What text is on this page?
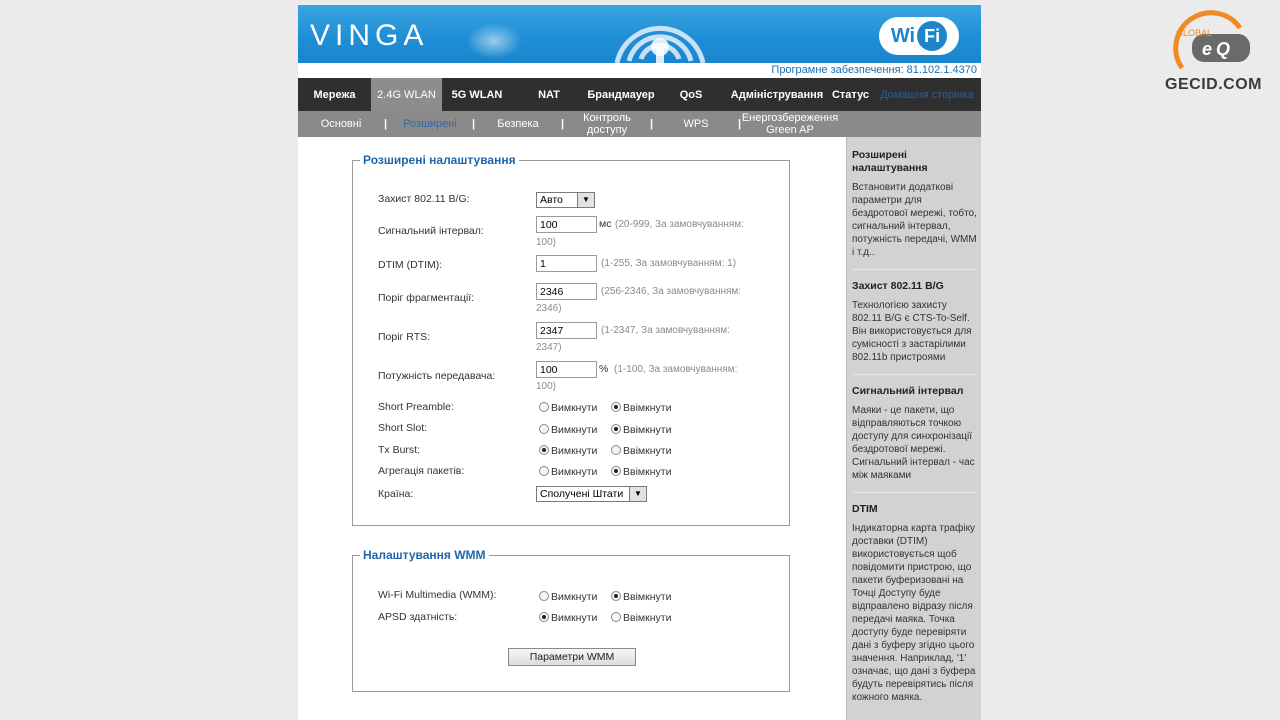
e Q
GLOBAL
GECID.COM
VINGA	Wi Fi
Програмне забезпечення: 81.102.1.4370
Мережа	2.4G WLAN	5G WLAN	NAT	Брандмауер	QoS	Адміністрування Статус	Домашня сторінка
Основні	|	Розширені	|	Безпека	|	Контроль доступу	|	WPS	| Енергозбереження
Green AP
Розширені налаштування
Захист 802.11 B/G:	Авто	▼
Сигнальний інтервал:
100
мс (20-999, За замовчуванням:
100)
DTIM (DTIM):
1	(1-255, За замовчуванням: 1)
Поріг фрагментації:
2346
(256-2346, За замовчуванням:
2346)
Поріг RTS:
2347
(1-2347, За замовчуванням:
2347)
Потужність передавача:
100
% (1-100, За замовчуванням:
100)
Short Preamble:	Вимкнути	Ввімкнути
Short Slot:	Вимкнути	Ввімкнути
Tx Burst:	Вимкнути	Ввімкнути
Агрегація пакетів:	Вимкнути	Ввімкнути
Країна:	Сполучені Штати	▼
Налаштування WMM
Wi-Fi Multimedia (WMM):	Вимкнути	Ввімкнути
APSD здатність:	Вимкнути	Ввімкнути
Параметри WMM
Розширені налаштування
Встановити додаткові параметри для бездротової мережі, тобто, сигнальний інтервал, потужність передачі, WMM і т.д..
Захист 802.11 B/G
Технологією захисту 802.11 B/G є CTS-To-Self. Він використовується для сумісності з застарілими 802.11b пристроями
Сигнальний інтервал
Маяки - це пакети, що відправляються точкою доступу для синхронізації бездротової мережі. Сигнальний інтервал - час між маяками
DTIM
Індикаторна карта трафіку доставки (DTIM) використовується щоб повідомити пристрою, що пакети буферизовані на Точці Доступу буде відправлено відразу після передачі маяка. Точка доступу буде перевіряти дані з буферу згідно цього значення. Наприклад, '1' означає, що дані з буфера будуть перевірятись після кожного маяка.
